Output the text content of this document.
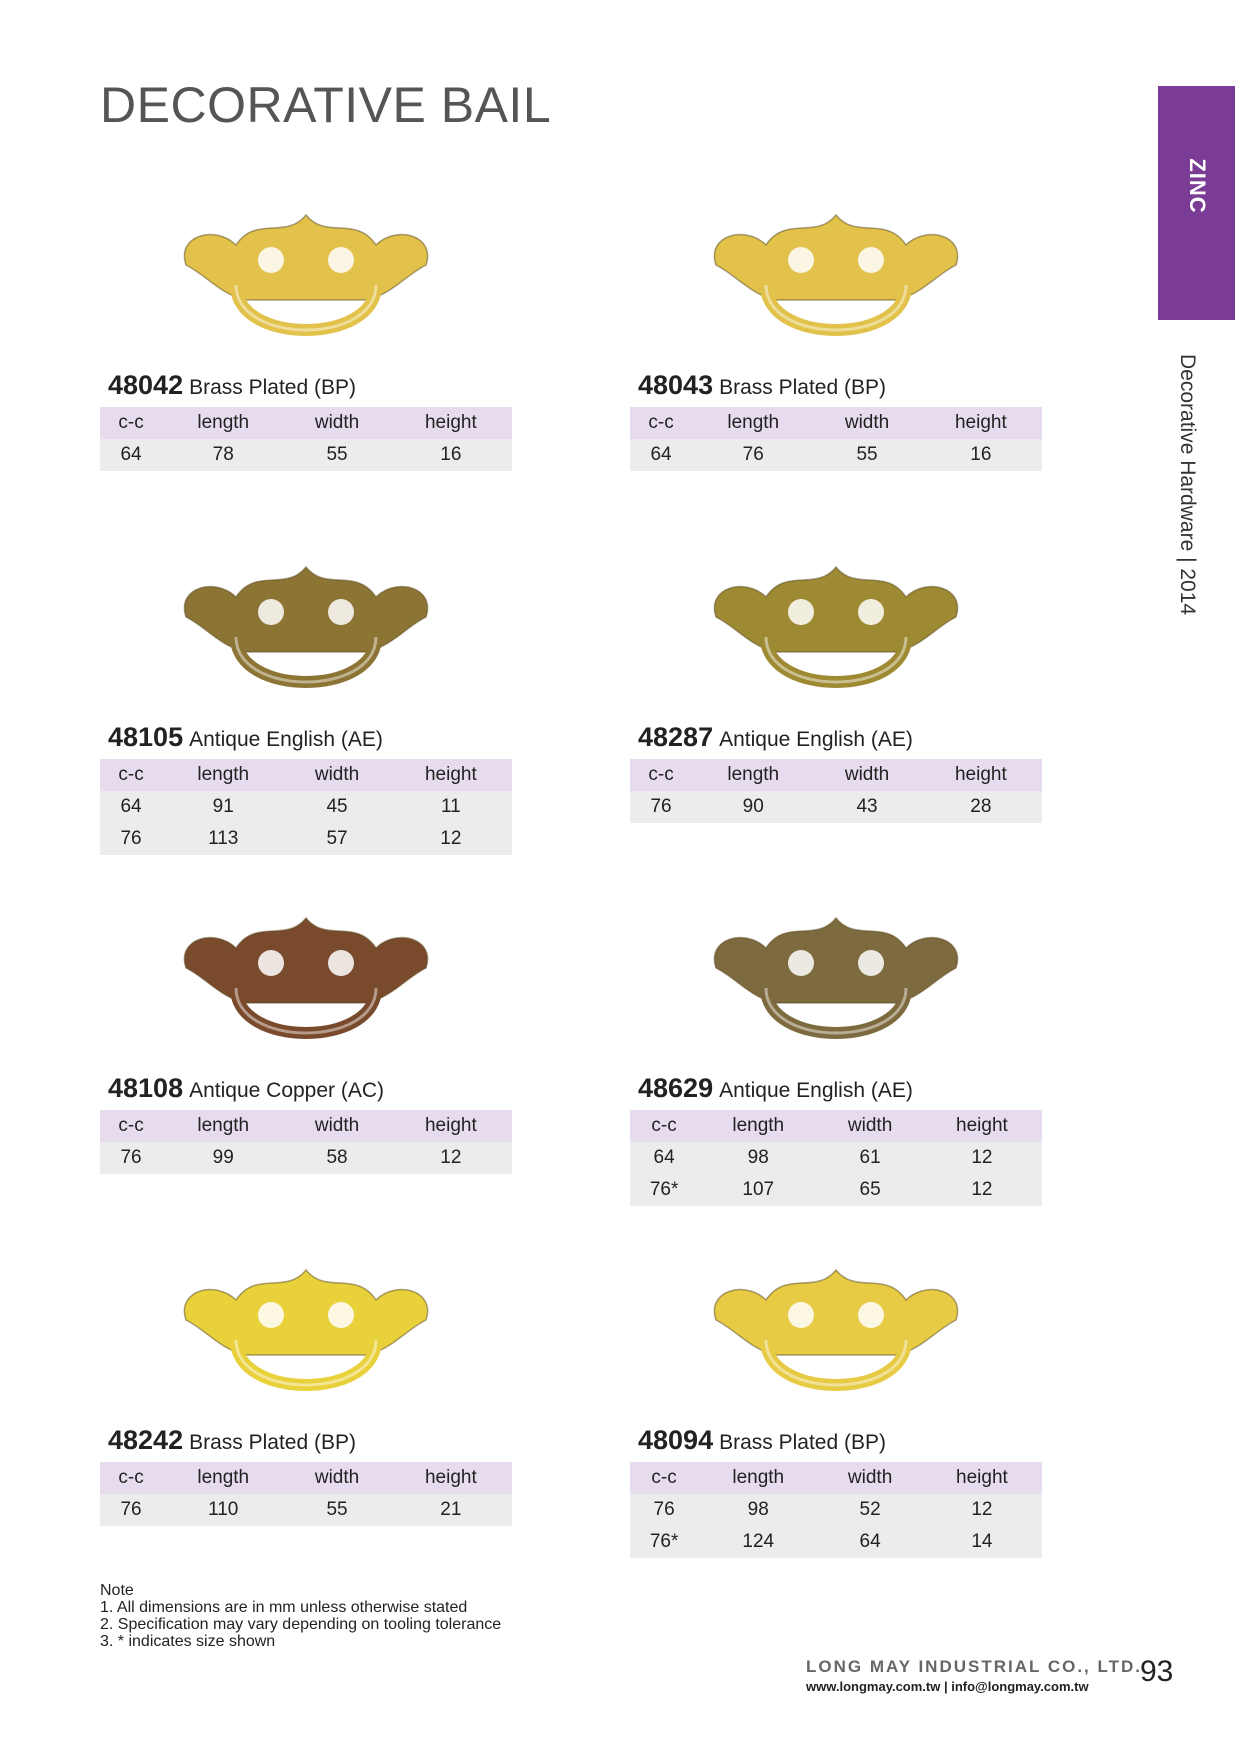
DECORATIVE BAIL
ZINC
Decorative Hardware | 2014
48042 Brass Plated (BP)
c-c	length	width	height
64	78	55	16
48043 Brass Plated (BP)
c-c	length	width	height
64	76	55	16
48105 Antique English (AE)
c-c	length	width	height
64	91	45	11
76	113	57	12
48287 Antique English (AE)
c-c	length	width	height
76	90	43	28
48108 Antique Copper (AC)
c-c	length	width	height
76	99	58	12
48629 Antique English (AE)
c-c	length	width	height
64	98	61	12
76*	107	65	12
48242 Brass Plated (BP)
c-c	length	width	height
76	110	55	21
48094 Brass Plated (BP)
c-c	length	width	height
76	98	52	12
76*	124	64	14
Note
1. All dimensions are in mm unless otherwise stated
2. Specification may vary depending on tooling tolerance
3. * indicates size shown
LONG MAY INDUSTRIAL CO., LTD.
www.longmay.com.tw | info@longmay.com.tw 93
